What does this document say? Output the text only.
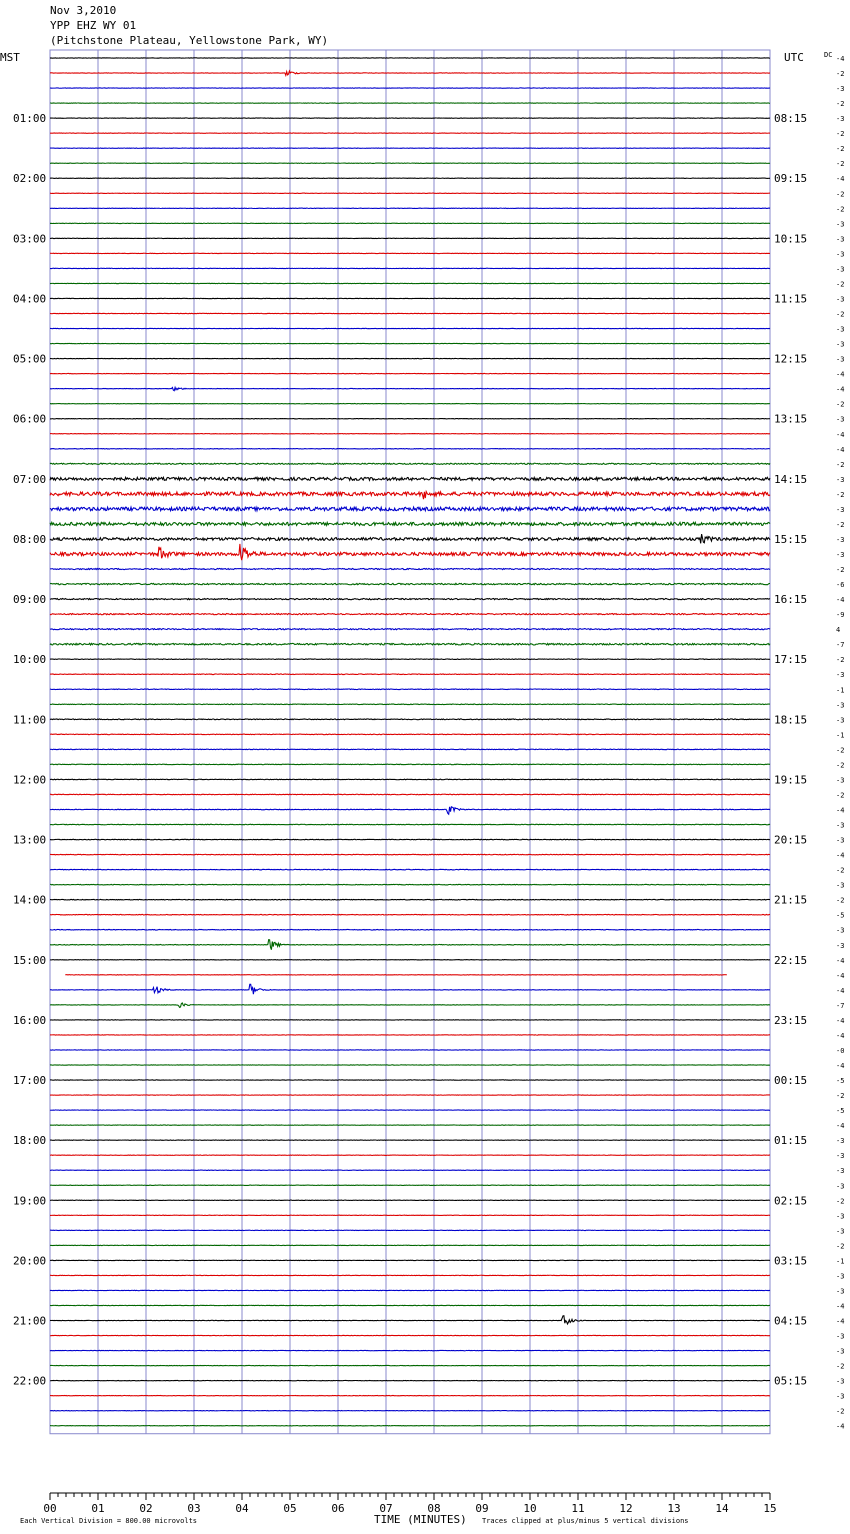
Nov 3,2010
YPP EHZ WY 01
(Pitchstone Plateau, Yellowstone Park, WY)
MST	UTC	DC -4
-2
-3
-2
-3
01:00	08:15
-2
-2
-2
-4
02:00	09:15
-2
-2
-3
-3
03:00	10:15
-3
-3
-2
-3
04:00	11:15
-2
-3
-3
-3
05:00	12:15
-4
-4
-2
-3
06:00	13:15
-4
-4
-2
-3
07:00	14:15
-2
-3
-2
-3
08:00	15:15
-3
-2
-6
-4
09:00	16:15
-9
4
-7
-2
10:00	17:15
-3
-1
-3
-3
11:00	18:15
-1
-2
-2
-3
12:00	19:15
-2
-4
-3
-3
13:00	20:15
-4
-2
-3
-2
14:00	21:15
-5
-3
-3
-4
15:00	22:15
-4
-4
-7
-4
16:00	23:15
-4
-0
-4
-5
17:00	00:15
-2
-5
-4
-3
18:00	01:15
-3
-3
-3
-2
19:00	02:15
-3
-3
-2
-1
20:00	03:15
-3
-3
-4
-4
21:00	04:15
-3
-3
-2
-3
22:00	05:15
-3
-2
-4
00	01	02	03	04	05	06	07	08	09	10	11	12	13	14	15
Each Vertical Division = 800.00 microvolts	TIME (MINUTES) Traces clipped at plus/minus 5 vertical divisions
